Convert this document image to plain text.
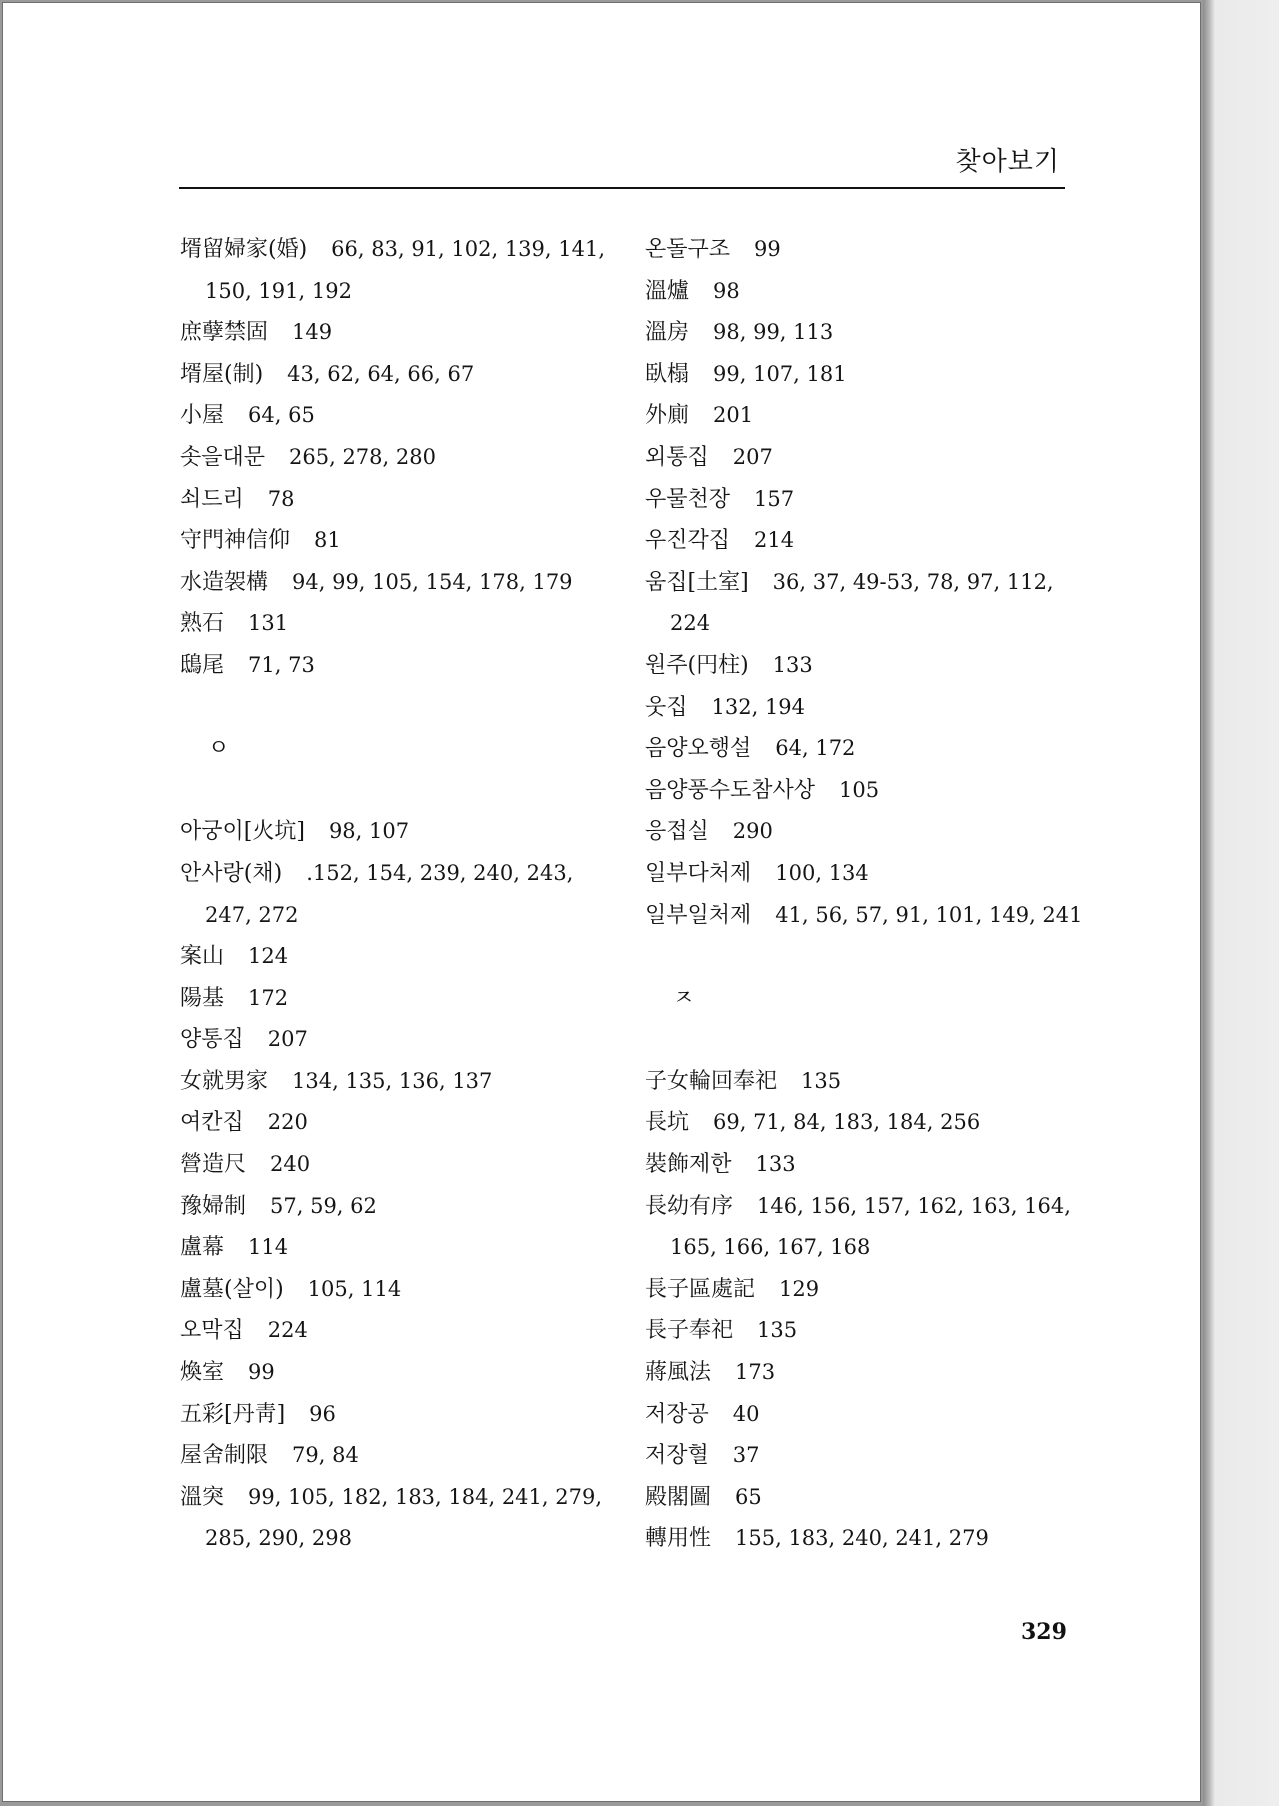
찾아보기
壻留婦家(婚) 66, 83, 91, 102, 139, 141,
150, 191, 192
庶孽禁固 149
壻屋(制) 43, 62, 64, 66, 67
小屋 64, 65
솟을대문 265, 278, 280
쇠드리 78
守門神信仰 81
水造袈構 94, 99, 105, 154, 178, 179
熟石 131
鴟尾 71, 73
ㅇ
아궁이[火坑] 98, 107
안사랑(채) .152, 154, 239, 240, 243,
247, 272
案山 124
陽基 172
양통집 207
女就男家 134, 135, 136, 137
여칸집 220
營造尺 240
豫婦制 57, 59, 62
盧幕 114
盧墓(살이) 105, 114
오막집 224
煥室 99
五彩[丹靑] 96
屋舍制限 79, 84
溫突 99, 105, 182, 183, 184, 241, 279,
285, 290, 298
온돌구조 99
溫爐 98
溫房 98, 99, 113
臥榻 99, 107, 181
外廁 201
외통집 207
우물천장 157
우진각집 214
움집[土室] 36, 37, 49-53, 78, 97, 112,
224
원주(円柱) 133
웃집 132, 194
음양오행설 64, 172
음양풍수도참사상 105
응접실 290
일부다처제 100, 134
일부일처제 41, 56, 57, 91, 101, 149, 241
ㅈ
子女輪回奉祀 135
長坑 69, 71, 84, 183, 184, 256
裝飾제한 133
長幼有序 146, 156, 157, 162, 163, 164,
165, 166, 167, 168
長子區處記 129
長子奉祀 135
蔣風法 173
저장공 40
저장혈 37
殿閣圖 65
轉用性 155, 183, 240, 241, 279
329
